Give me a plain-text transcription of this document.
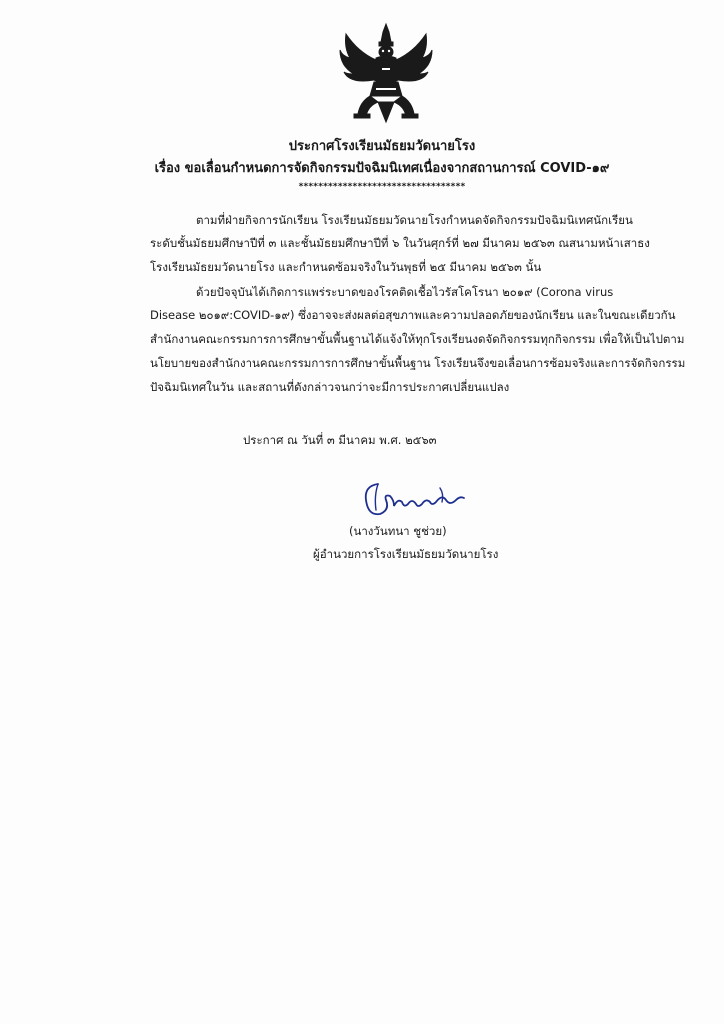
ประกาศโรงเรียนมัธยมวัดนายโรง
เรื่อง ขอเลื่อนกำหนดการจัดกิจกรรมปัจฉิมนิเทศเนื่องจากสถานการณ์ COVID-๑๙
**********************************
ตามที่ฝ่ายกิจการนักเรียน โรงเรียนมัธยมวัดนายโรงกำหนดจัดกิจกรรมปัจฉิมนิเทศนักเรียน
ระดับชั้นมัธยมศึกษาปีที่ ๓ และชั้นมัธยมศึกษาปีที่ ๖ ในวันศุกร์ที่ ๒๗ มีนาคม ๒๕๖๓ ณสนามหน้าเสาธง
โรงเรียนมัธยมวัดนายโรง และกำหนดซ้อมจริงในวันพุธที่ ๒๕ มีนาคม ๒๕๖๓ นั้น
ด้วยปัจจุบันได้เกิดการแพร่ระบาดของโรคติดเชื้อไวรัสโคโรนา ๒๐๑๙ (Corona virus
Disease ๒๐๑๙:COVID-๑๙) ซึ่งอาจจะส่งผลต่อสุขภาพและความปลอดภัยของนักเรียน และในขณะเดียวกัน
สำนักงานคณะกรรมการการศึกษาขั้นพื้นฐานได้แจ้งให้ทุกโรงเรียนงดจัดกิจกรรมทุกกิจกรรม เพื่อให้เป็นไปตาม
นโยบายของสำนักงานคณะกรรมการการศึกษาขั้นพื้นฐาน โรงเรียนจึงขอเลื่อนการซ้อมจริงและการจัดกิจกรรม
ปัจฉิมนิเทศในวัน และสถานที่ดังกล่าวจนกว่าจะมีการประกาศเปลี่ยนแปลง
ประกาศ ณ วันที่ ๓ มีนาคม พ.ศ. ๒๕๖๓
(นางวันทนา ชูช่วย)
ผู้อำนวยการโรงเรียนมัธยมวัดนายโรง
